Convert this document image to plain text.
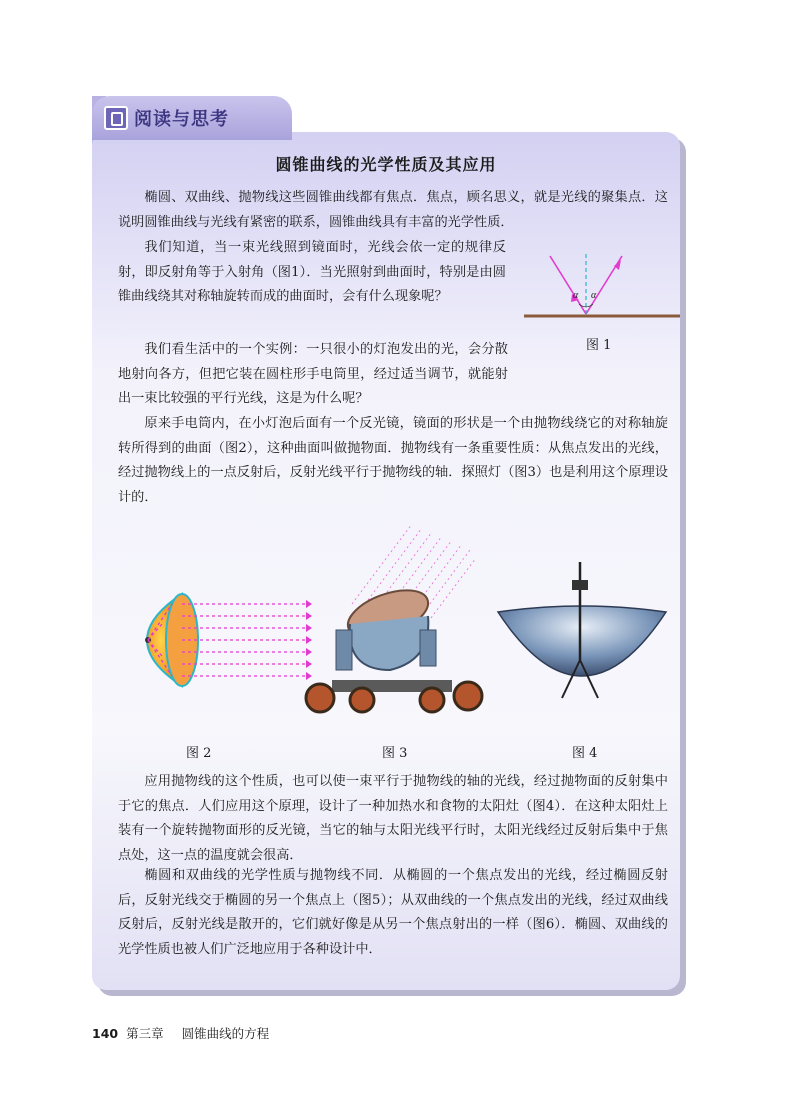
阅读与思考
圆锥曲线的光学性质及其应用

椭圆、双曲线、抛物线这些圆锥曲线都有焦点．焦点，顾名思义，就是光线的聚集点．这说明圆锥曲线与光线有紧密的联系，圆锥曲线具有丰富的光学性质．

我们知道，当一束光线照到镜面时，光线会依一定的规律反射，即反射角等于入射角（图1）．当光照射到曲面时，特别是由圆锥曲线绕其对称轴旋转而成的曲面时，会有什么现象呢？	α α
图 1

我们看生活中的一个实例：一只很小的灯泡发出的光，会分散地射向各方，但把它装在圆柱形手电筒里，经过适当调节，就能射出一束比较强的平行光线，这是为什么呢？

原来手电筒内，在小灯泡后面有一个反光镜，镜面的形状是一个由抛物线绕它的对称轴旋转所得到的曲面（图2），这种曲面叫做抛物面．抛物线有一条重要性质：从焦点发出的光线，经过抛物线上的一点反射后，反射光线平行于抛物线的轴．探照灯（图3）也是利用这个原理设计的．

图 2	图 3	图 4

应用抛物线的这个性质，也可以使一束平行于抛物线的轴的光线，经过抛物面的反射集中于它的焦点．人们应用这个原理，设计了一种加热水和食物的太阳灶（图4）．在这种太阳灶上装有一个旋转抛物面形的反光镜，当它的轴与太阳光线平行时，太阳光线经过反射后集中于焦点处，这一点的温度就会很高．

椭圆和双曲线的光学性质与抛物线不同．从椭圆的一个焦点发出的光线，经过椭圆反射后，反射光线交于椭圆的另一个焦点上（图5）；从双曲线的一个焦点发出的光线，经过双曲线反射后，反射光线是散开的，它们就好像是从另一个焦点射出的一样（图6）．椭圆、双曲线的光学性质也被人们广泛地应用于各种设计中．

140 第三章 圆锥曲线的方程
